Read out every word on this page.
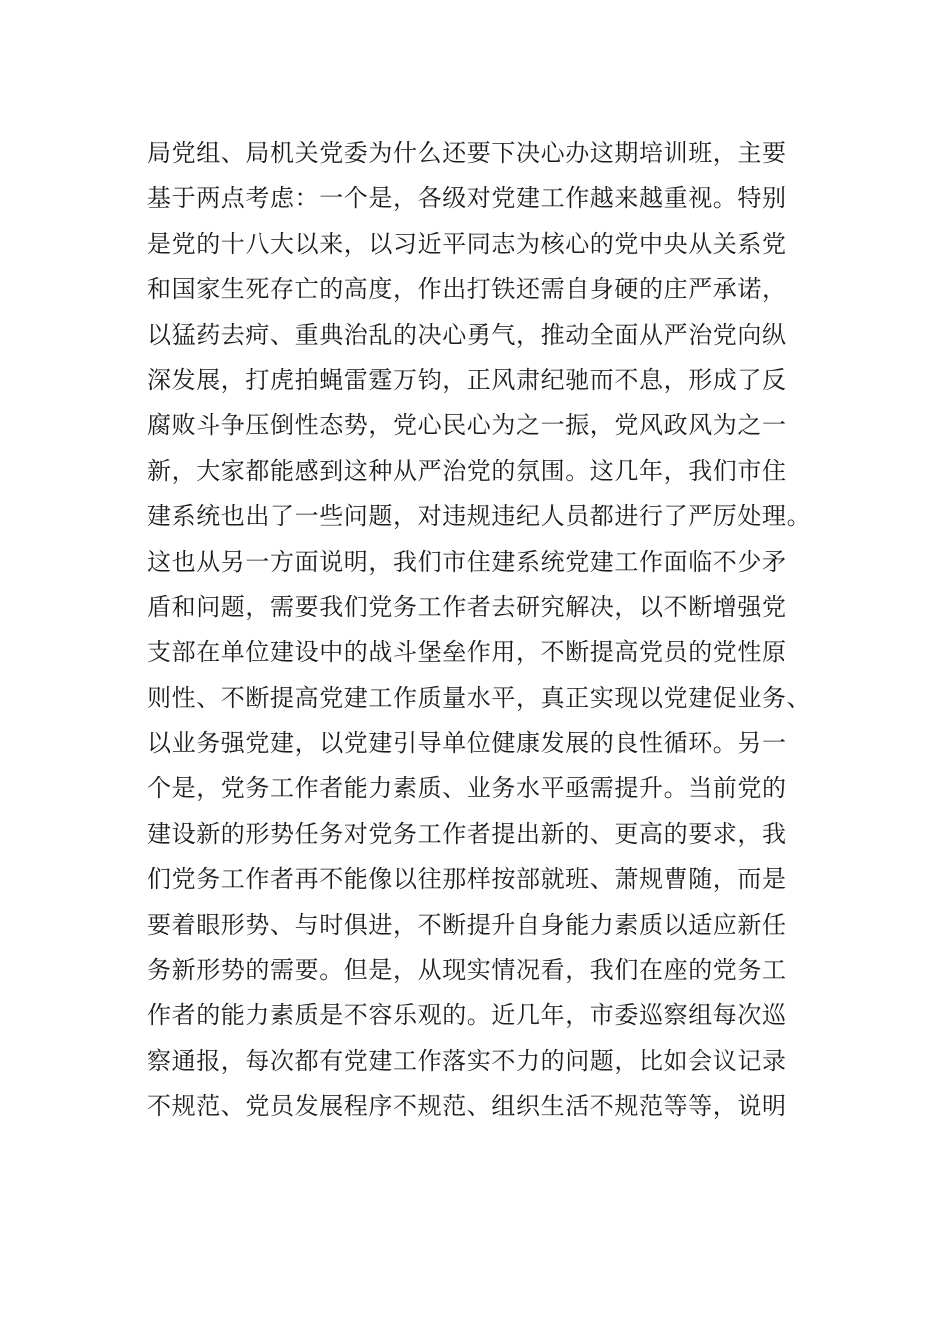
局党组、局机关党委为什么还要下决心办这期培训班，主要
基于两点考虑：一个是，各级对党建工作越来越重视。特别
是党的十八大以来，以习近平同志为核心的党中央从关系党
和国家生死存亡的高度，作出打铁还需自身硬的庄严承诺，
以猛药去疴、重典治乱的决心勇气，推动全面从严治党向纵
深发展，打虎拍蝇雷霆万钧，正风肃纪驰而不息，形成了反
腐败斗争压倒性态势，党心民心为之一振，党风政风为之一
新，大家都能感到这种从严治党的氛围。这几年，我们市住
建系统也出了一些问题，对违规违纪人员都进行了严厉处理。
这也从另一方面说明，我们市住建系统党建工作面临不少矛
盾和问题，需要我们党务工作者去研究解决，以不断增强党
支部在单位建设中的战斗堡垒作用，不断提高党员的党性原
则性、不断提高党建工作质量水平，真正实现以党建促业务、
以业务强党建，以党建引导单位健康发展的良性循环。另一
个是，党务工作者能力素质、业务水平亟需提升。当前党的
建设新的形势任务对党务工作者提出新的、更高的要求，我
们党务工作者再不能像以往那样按部就班、萧规曹随，而是
要着眼形势、与时俱进，不断提升自身能力素质以适应新任
务新形势的需要。但是，从现实情况看，我们在座的党务工
作者的能力素质是不容乐观的。近几年，市委巡察组每次巡
察通报，每次都有党建工作落实不力的问题，比如会议记录
不规范、党员发展程序不规范、组织生活不规范等等，说明
